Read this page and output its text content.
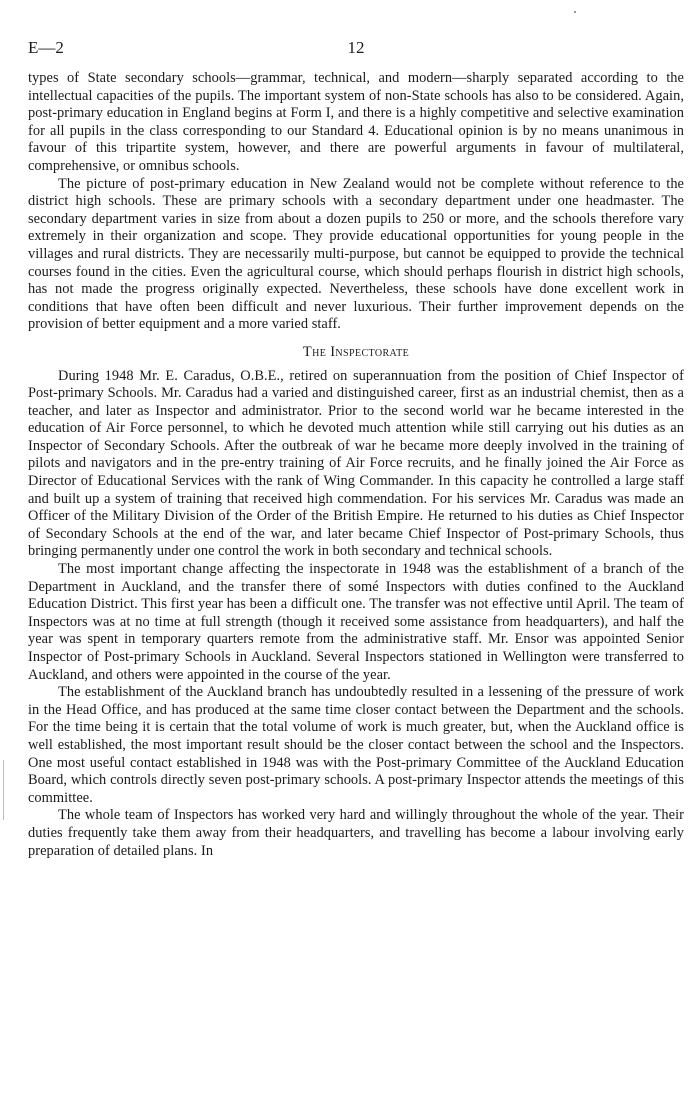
E—2	12

types of State secondary schools—grammar, technical, and modern—sharply separated according to the intellectual capacities of the pupils. The important system of non-State schools has also to be considered. Again, post-primary education in England begins at Form I, and there is a highly competitive and selective examination for all pupils in the class corresponding to our Standard 4. Educational opinion is by no means unanimous in favour of this tripartite system, however, and there are powerful arguments in favour of multilateral, comprehensive, or omnibus schools.

The picture of post-primary education in New Zealand would not be complete without reference to the district high schools. These are primary schools with a secondary department under one headmaster. The secondary department varies in size from about a dozen pupils to 250 or more, and the schools therefore vary extremely in their organization and scope. They provide educational opportunities for young people in the villages and rural districts. They are necessarily multi-purpose, but cannot be equipped to provide the technical courses found in the cities. Even the agricultural course, which should perhaps flourish in district high schools, has not made the progress originally expected. Nevertheless, these schools have done excellent work in conditions that have often been difficult and never luxurious. Their further improvement depends on the provision of better equipment and a more varied staff.

The Inspectorate

During 1948 Mr. E. Caradus, O.B.E., retired on superannuation from the position of Chief Inspector of Post-primary Schools. Mr. Caradus had a varied and distinguished career, first as an industrial chemist, then as a teacher, and later as Inspector and administrator. Prior to the second world war he became interested in the education of Air Force personnel, to which he devoted much attention while still carrying out his duties as an Inspector of Secondary Schools. After the outbreak of war he became more deeply involved in the training of pilots and navigators and in the pre-entry training of Air Force recruits, and he finally joined the Air Force as Director of Educational Services with the rank of Wing Commander. In this capacity he controlled a large staff and built up a system of training that received high commendation. For his services Mr. Caradus was made an Officer of the Military Division of the Order of the British Empire. He returned to his duties as Chief Inspector of Secondary Schools at the end of the war, and later became Chief Inspector of Post-primary Schools, thus bringing permanently under one control the work in both secondary and technical schools.

The most important change affecting the inspectorate in 1948 was the establishment of a branch of the Department in Auckland, and the transfer there of somé Inspectors with duties confined to the Auckland Education District. This first year has been a difficult one. The transfer was not effective until April. The team of Inspectors was at no time at full strength (though it received some assistance from headquarters), and half the year was spent in temporary quarters remote from the administrative staff. Mr. Ensor was appointed Senior Inspector of Post-primary Schools in Auckland. Several Inspectors stationed in Wellington were transferred to Auckland, and others were appointed in the course of the year.

The establishment of the Auckland branch has undoubtedly resulted in a lessening of the pressure of work in the Head Office, and has produced at the same time closer contact between the Department and the schools. For the time being it is certain that the total volume of work is much greater, but, when the Auckland office is well established, the most important result should be the closer contact between the school and the Inspectors. One most useful contact established in 1948 was with the Post-primary Committee of the Auckland Education Board, which controls directly seven post-primary schools. A post-primary Inspector attends the meetings of this committee.

The whole team of Inspectors has worked very hard and willingly throughout the whole of the year. Their duties frequently take them away from their headquarters, and travelling has become a labour involving early preparation of detailed plans. In
